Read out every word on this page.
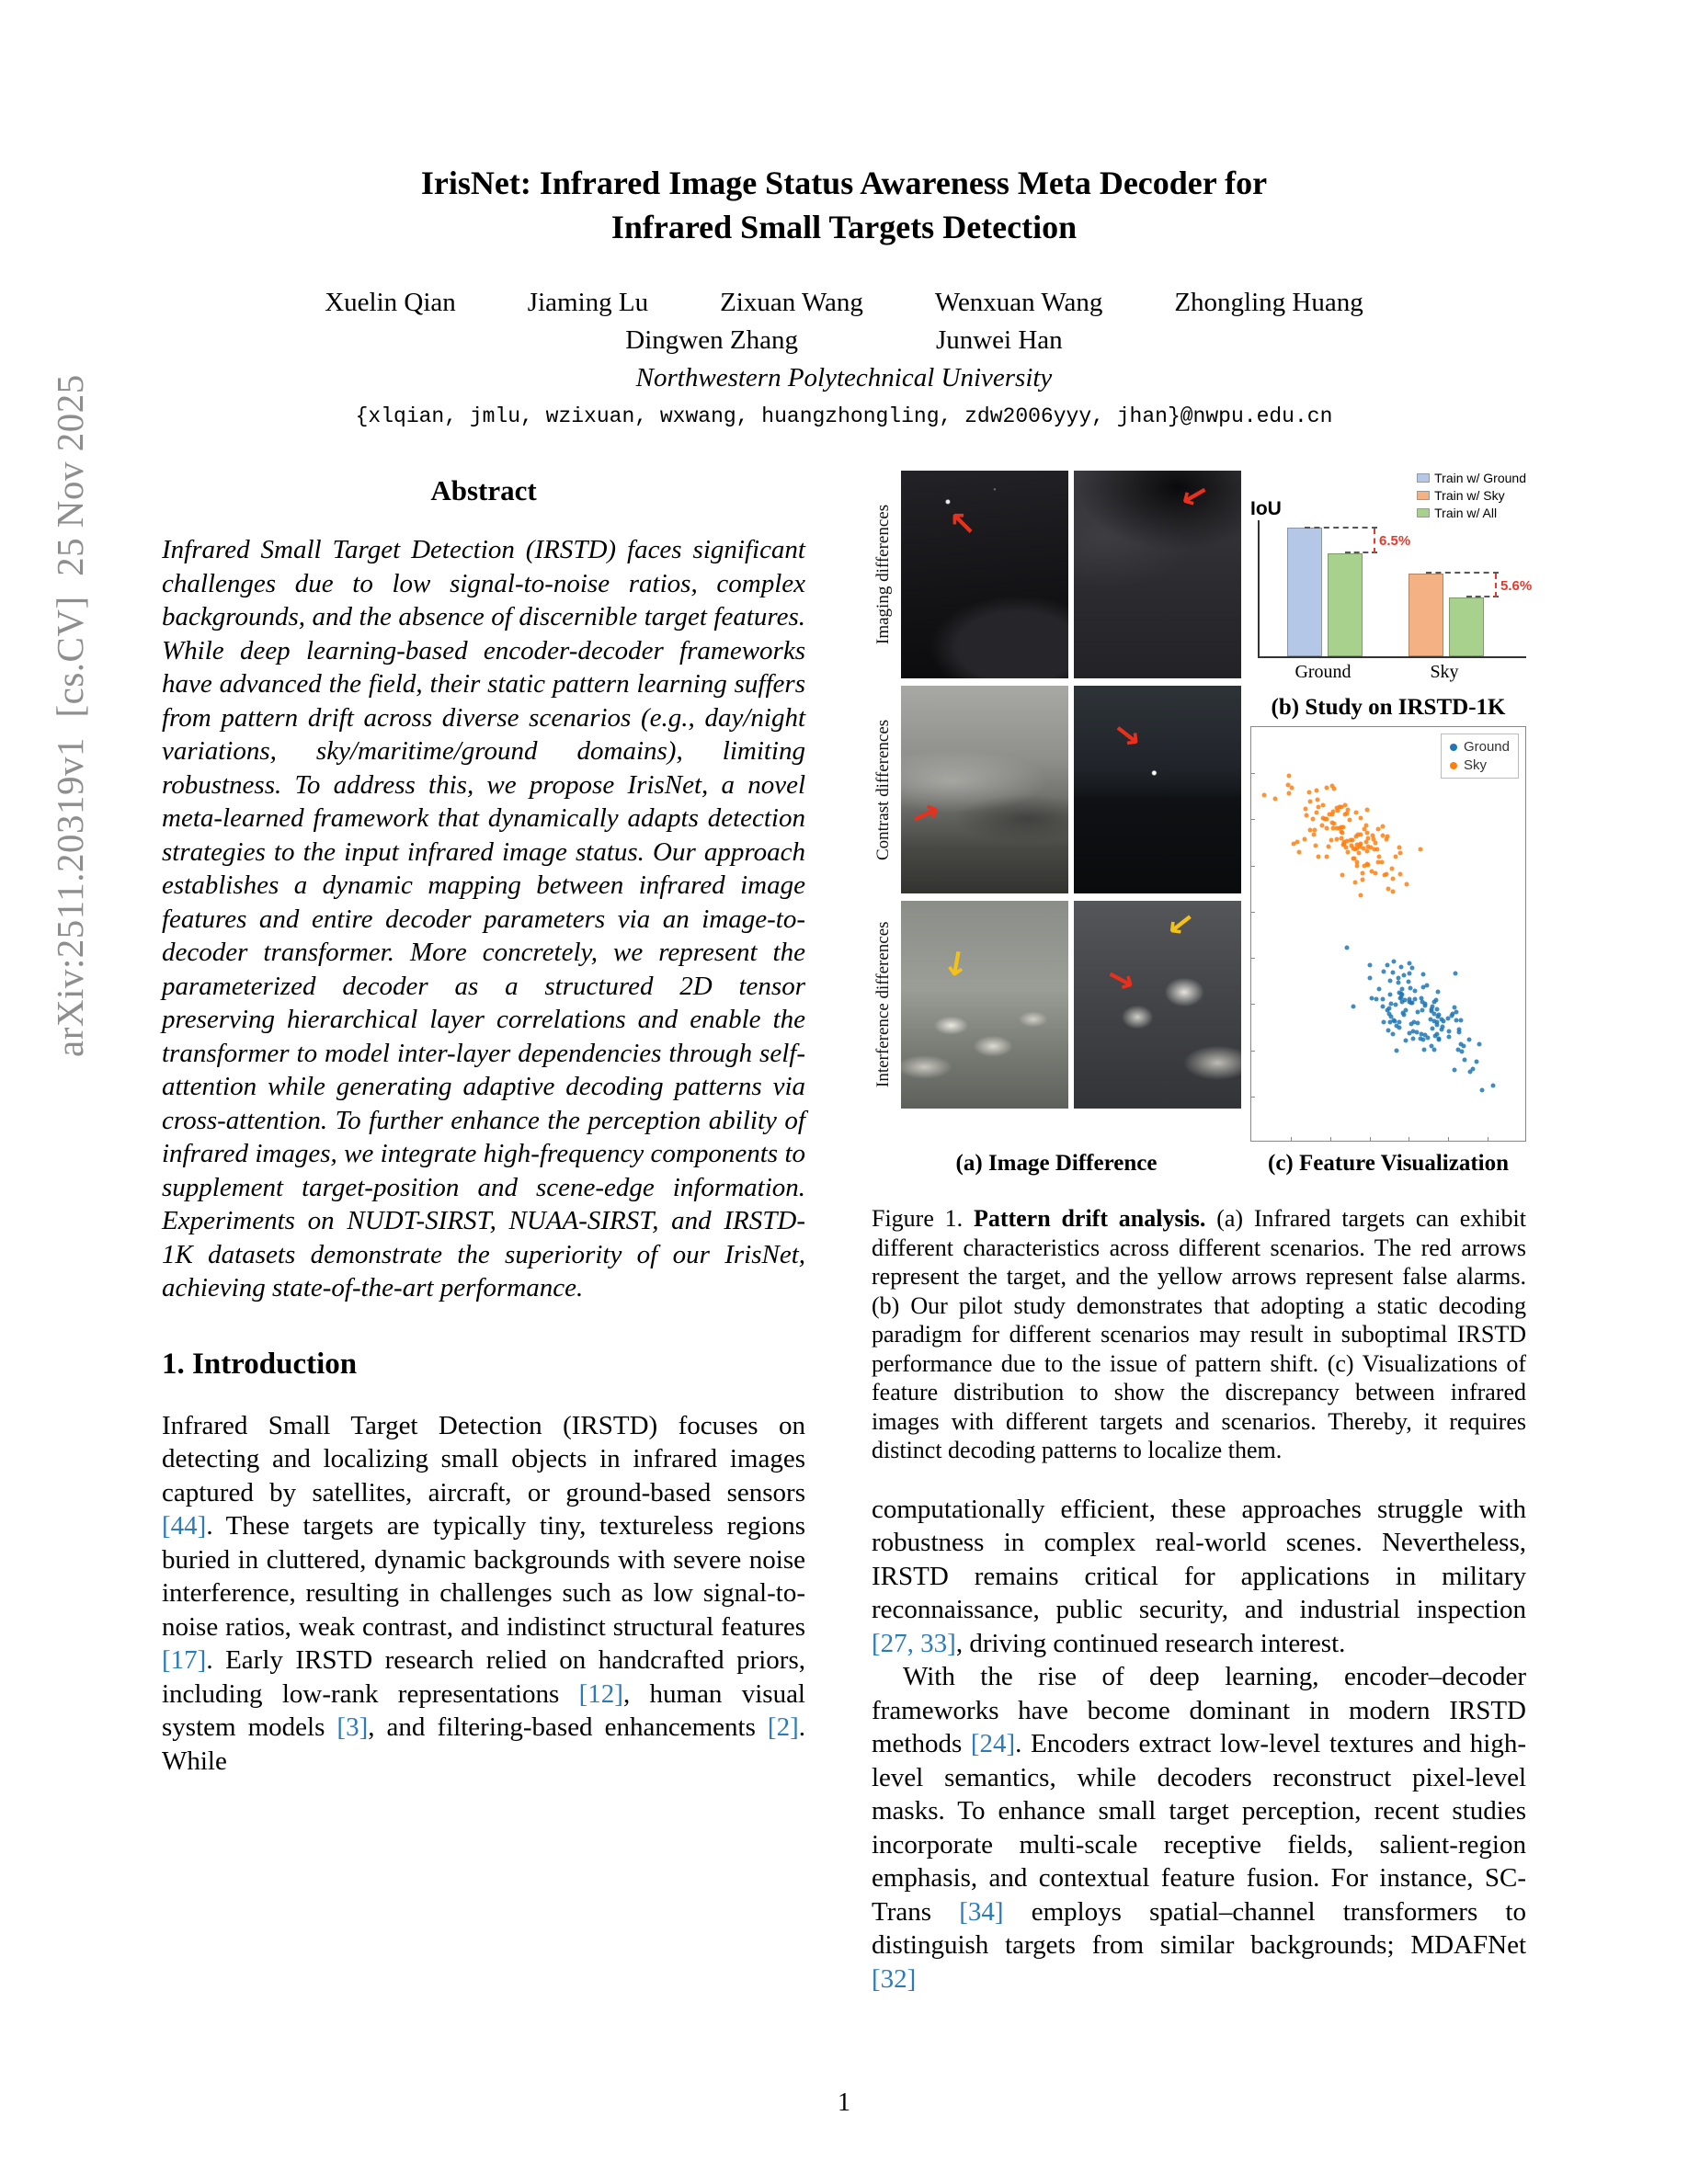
arXiv:2511.20319v1  [cs.CV]  25 Nov 2025
IrisNet: Infrared Image Status Awareness Meta Decoder for
Infrared Small Targets Detection
Xuelin Qian	Jiaming Lu	Zixuan Wang	Wenxuan Wang	Zhongling Huang
Dingwen Zhang	Junwei Han
Northwestern Polytechnical University
{xlqian, jmlu, wzixuan, wxwang, huangzhongling, zdw2006yyy, jhan}@nwpu.edu.cn
Abstract

Infrared Small Target Detection (IRSTD) faces significant challenges due to low signal-to-noise ratios, complex backgrounds, and the absence of discernible target features. While deep learning-based encoder-decoder frameworks have advanced the field, their static pattern learning suffers from pattern drift across diverse scenarios (e.g., day/night variations, sky/maritime/ground domains), limiting robustness. To address this, we propose IrisNet, a novel meta-learned framework that dynamically adapts detection strategies to the input infrared image status. Our approach establishes a dynamic mapping between infrared image features and entire decoder parameters via an image-to-decoder transformer. More concretely, we represent the parameterized decoder as a structured 2D tensor preserving hierarchical layer correlations and enable the transformer to model inter-layer dependencies through self-attention while generating adaptive decoding patterns via cross-attention. To further enhance the perception ability of infrared images, we integrate high-frequency components to supplement target-position and scene-edge information. Experiments on NUDT-SIRST, NUAA-SIRST, and IRSTD-1K datasets demonstrate the superiority of our IrisNet, achieving state-of-the-art performance.

1. Introduction

Infrared Small Target Detection (IRSTD) focuses on detecting and localizing small objects in infrared images captured by satellites, aircraft, or ground-based sensors [44]. These targets are typically tiny, textureless regions buried in cluttered, dynamic backgrounds with severe noise interference, resulting in challenges such as low signal-to-noise ratios, weak contrast, and indistinct structural features [17]. Early IRSTD research relied on handcrafted priors, including low-rank representations [12], human visual system models [3], and filtering-based enhancements [2]. While

Imaging differences →
→
Contrast differences →
→
Interference differences →	→
→
(a) Image Difference
IoU
Train w/ Ground
Train w/ Sky
Train w/ All
6.5%
5.6%
Ground	Sky
(b) Study on IRSTD-1K
Ground
Sky
(c) Feature Visualization
Figure 1. Pattern drift analysis. (a) Infrared targets can exhibit different characteristics across different scenarios. The red arrows represent the target, and the yellow arrows represent false alarms. (b) Our pilot study demonstrates that adopting a static decoding paradigm for different scenarios may result in suboptimal IRSTD performance due to the issue of pattern shift. (c) Visualizations of feature distribution to show the discrepancy between infrared images with different targets and scenarios. Thereby, it requires distinct decoding patterns to localize them.

computationally efficient, these approaches struggle with robustness in complex real-world scenes. Nevertheless, IRSTD remains critical for applications in military reconnaissance, public security, and industrial inspection [27, 33], driving continued research interest.

With the rise of deep learning, encoder–decoder frameworks have become dominant in modern IRSTD methods [24]. Encoders extract low-level textures and high-level semantics, while decoders reconstruct pixel-level masks. To enhance small target perception, recent studies incorporate multi-scale receptive fields, salient-region emphasis, and contextual feature fusion. For instance, SC-Trans [34] employs spatial–channel transformers to distinguish targets from similar backgrounds; MDAFNet [32]

1
